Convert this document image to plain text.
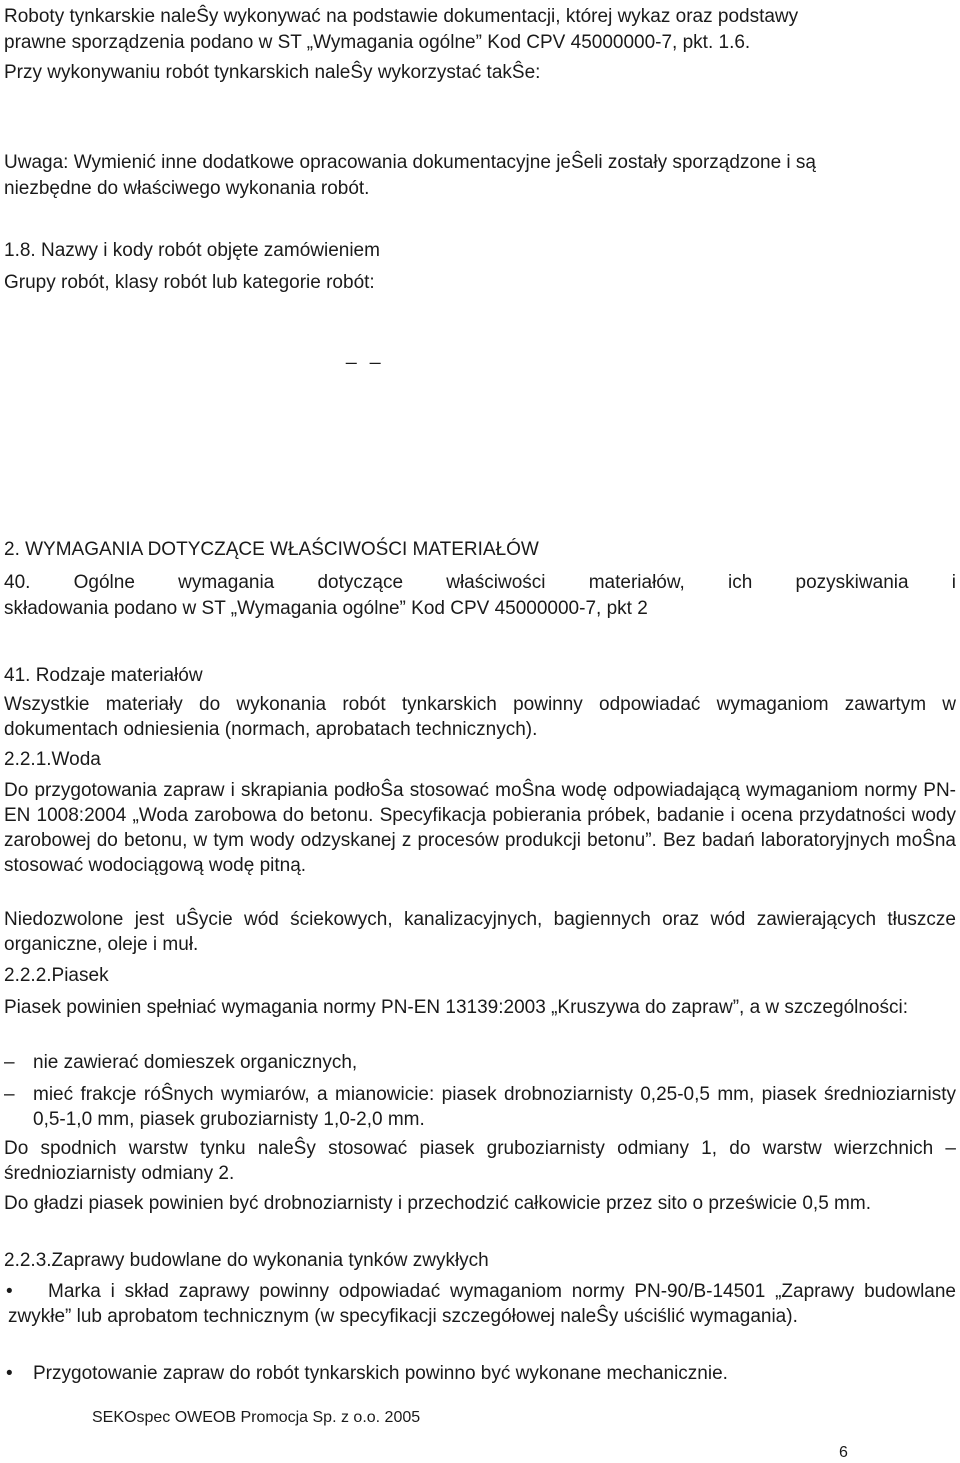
Roboty tynkarskie naleŜy wykonywać na podstawie dokumentacji, której wykaz oraz podstawy
prawne sporządzenia podano w ST „Wymagania ogólne” Kod CPV 45000000-7, pkt. 1.6.
Przy wykonywaniu robót tynkarskich naleŜy wykorzystać takŜe:
Uwaga: Wymienić inne dodatkowe opracowania dokumentacyjne jeŜeli zostały sporządzone i są
niezbędne do właściwego wykonania robót.
1.8. Nazwy i kody robót objęte zamówieniem
Grupy robót, klasy robót lub kategorie robót:
_ _
2. WYMAGANIA DOTYCZĄCE WŁAŚCIWOŚCI MATERIAŁÓW
40. Ogólne wymagania dotyczące właściwości materiałów, ich pozyskiwania i
składowania podano w ST „Wymagania ogólne” Kod CPV 45000000-7, pkt 2
41. Rodzaje materiałów
Wszystkie materiały do wykonania robót tynkarskich powinny odpowiadać wymaganiom zawartym w dokumentach odniesienia (normach, aprobatach technicznych).
2.2.1.Woda
Do przygotowania zapraw i skrapiania podłoŜa stosować moŜna wodę odpowiadającą wymaganiom normy PN-EN 1008:2004 „Woda zarobowa do betonu. Specyfikacja pobierania próbek, badanie i ocena przydatności wody zarobowej do betonu, w tym wody odzyskanej z procesów produkcji betonu”. Bez badań laboratoryjnych moŜna stosować wodociągową wodę pitną.
Niedozwolone jest uŜycie wód ściekowych, kanalizacyjnych, bagiennych oraz wód zawierających tłuszcze organiczne, oleje i muł.
2.2.2.Piasek
Piasek powinien spełniać wymagania normy PN-EN 13139:2003 „Kruszywa do zapraw”, a w szczególności:
– nie zawierać domieszek organicznych,
– mieć frakcje róŜnych wymiarów, a mianowicie: piasek drobnoziarnisty 0,25-0,5 mm, piasek średnioziarnisty 0,5-1,0 mm, piasek gruboziarnisty 1,0-2,0 mm.
Do spodnich warstw tynku naleŜy stosować piasek gruboziarnisty odmiany 1, do warstw wierzchnich – średnioziarnisty odmiany 2.
Do gładzi piasek powinien być drobnoziarnisty i przechodzić całkowicie przez sito o prześwicie 0,5 mm.
2.2.3.Zaprawy budowlane do wykonania tynków zwykłych
•	Marka i skład zaprawy powinny odpowiadać wymaganiom normy PN-90/B-14501 „Zaprawy budowlane zwykłe” lub aprobatom technicznym (w specyfikacji szczegółowej naleŜy uściślić wymagania).
• Przygotowanie zapraw do robót tynkarskich powinno być wykonane mechanicznie.
SEKOspec OWEOB Promocja Sp. z o.o. 2005
6
